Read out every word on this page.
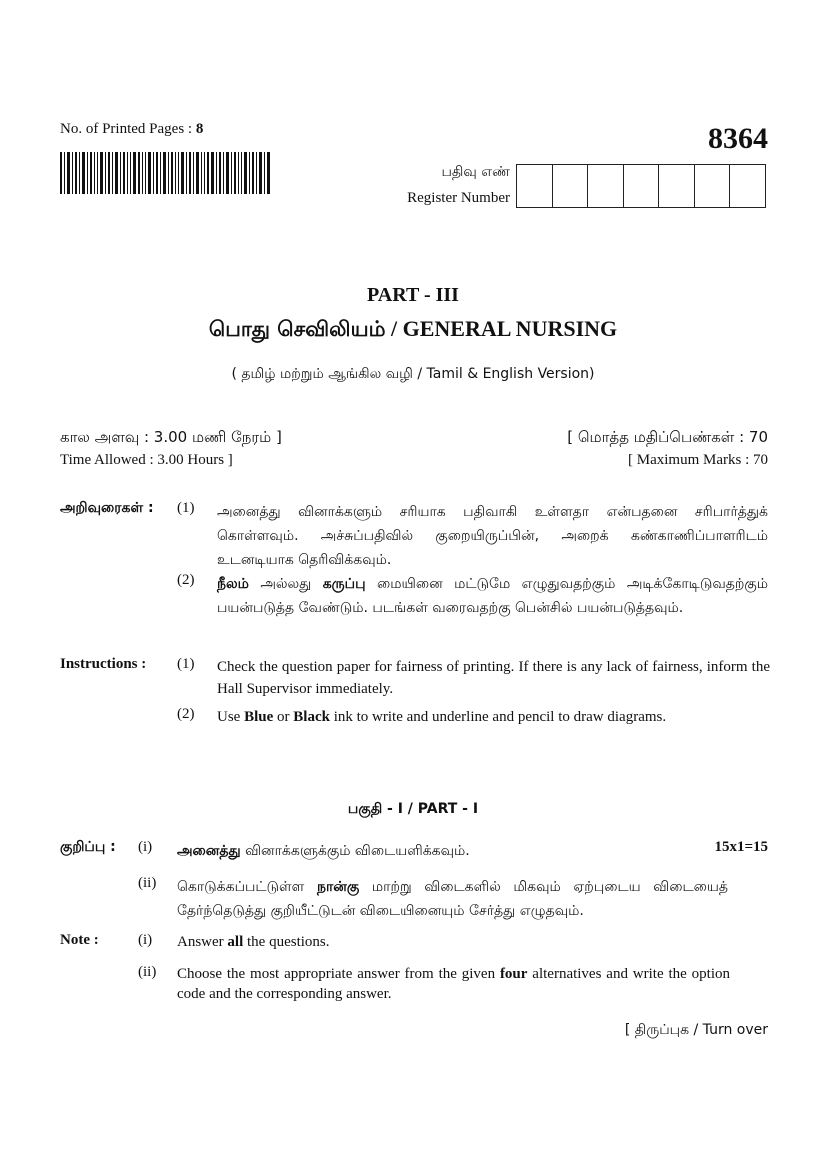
No. of Printed Pages : 8	8364
பதிவு எண்
Register Number
PART - III
பொது செவிலியம் / GENERAL NURSING
( தமிழ் மற்றும் ஆங்கில வழி / Tamil & English Version)
கால அளவு : 3.00 மணி நேரம் ]
Time Allowed : 3.00 Hours ]
[ மொத்த மதிப்பெண்கள் : 70
[ Maximum Marks : 70
அறிவுரைகள் : (1) அனைத்து வினாக்களும் சரியாக பதிவாகி உள்ளதா என்பதனை சரிபார்த்துக் கொள்ளவும். அச்சுப்பதிவில் குறையிருப்பின், அறைக் கண்காணிப்பாளரிடம் உடனடியாக தெரிவிக்கவும்.
(2) நீலம் அல்லது கருப்பு மையினை மட்டுமே எழுதுவதற்கும் அடிக்கோடிடுவதற்கும் பயன்படுத்த வேண்டும். படங்கள் வரைவதற்கு பென்சில் பயன்படுத்தவும்.
Instructions : (1) Check the question paper for fairness of printing. If there is any lack of fairness, inform the Hall Supervisor immediately.
(2) Use Blue or Black ink to write and underline and pencil to draw diagrams.
பகுதி - I / PART - I
15x1=15
குறிப்பு : (i) அனைத்து வினாக்களுக்கும் விடையளிக்கவும்.
(ii) கொடுக்கப்பட்டுள்ள நான்கு மாற்று விடைகளில் மிகவும் ஏற்புடைய விடையைத் தேர்ந்தெடுத்து குறியீட்டுடன் விடையினையும் சேர்த்து எழுதவும்.
Note :	(i) Answer all the questions.
(ii) Choose the most appropriate answer from the given four alternatives and write the option code and the corresponding answer.
[ திருப்புக / Turn over
